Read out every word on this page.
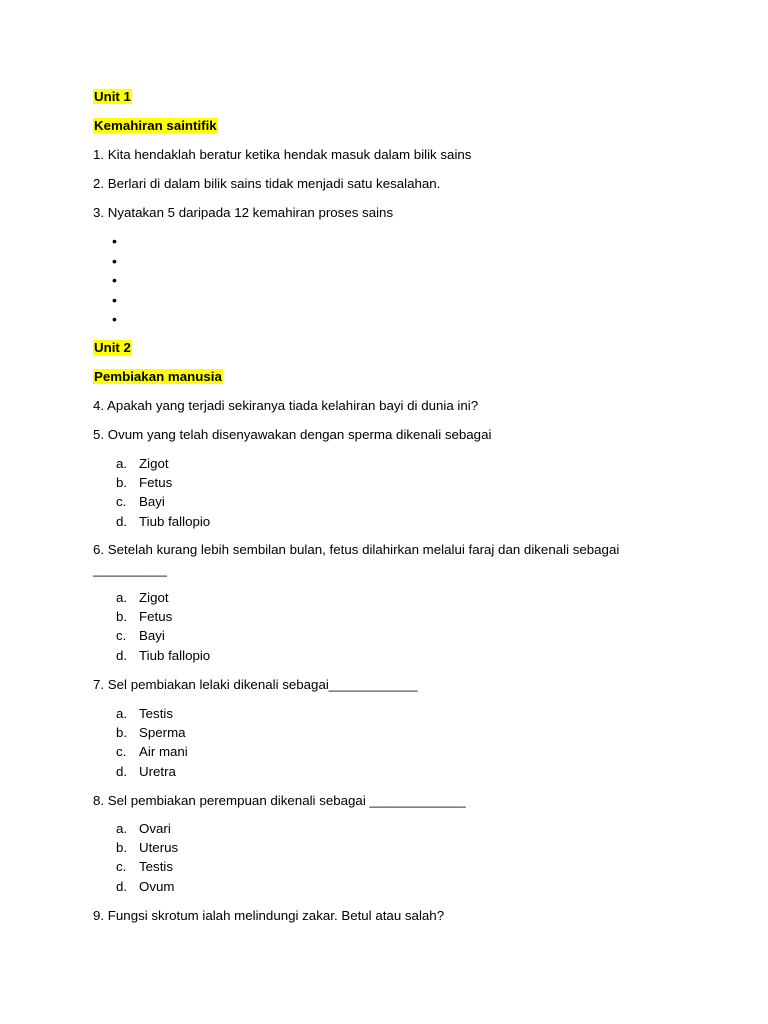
Unit 1
Kemahiran saintifik
1. Kita hendaklah beratur ketika hendak masuk dalam bilik sains
2. Berlari di dalam bilik sains tidak menjadi satu kesalahan.
3. Nyatakan 5 daripada 12 kemahiran proses sains
•
•
•
•
•
Unit 2
Pembiakan manusia
4. Apakah yang terjadi sekiranya tiada kelahiran bayi di dunia ini?
5. Ovum yang telah disenyawakan dengan sperma dikenali sebagai
a. Zigot
b. Fetus
c. Bayi
d. Tiub fallopio
6. Setelah kurang lebih sembilan bulan, fetus dilahirkan melalui faraj dan dikenali sebagai
__________
a. Zigot
b. Fetus
c. Bayi
d. Tiub fallopio
7. Sel pembiakan lelaki dikenali sebagai____________
a. Testis
b. Sperma
c. Air mani
d. Uretra
8. Sel pembiakan perempuan dikenali sebagai _____________
a. Ovari
b. Uterus
c. Testis
d. Ovum
9. Fungsi skrotum ialah melindungi zakar. Betul atau salah?
